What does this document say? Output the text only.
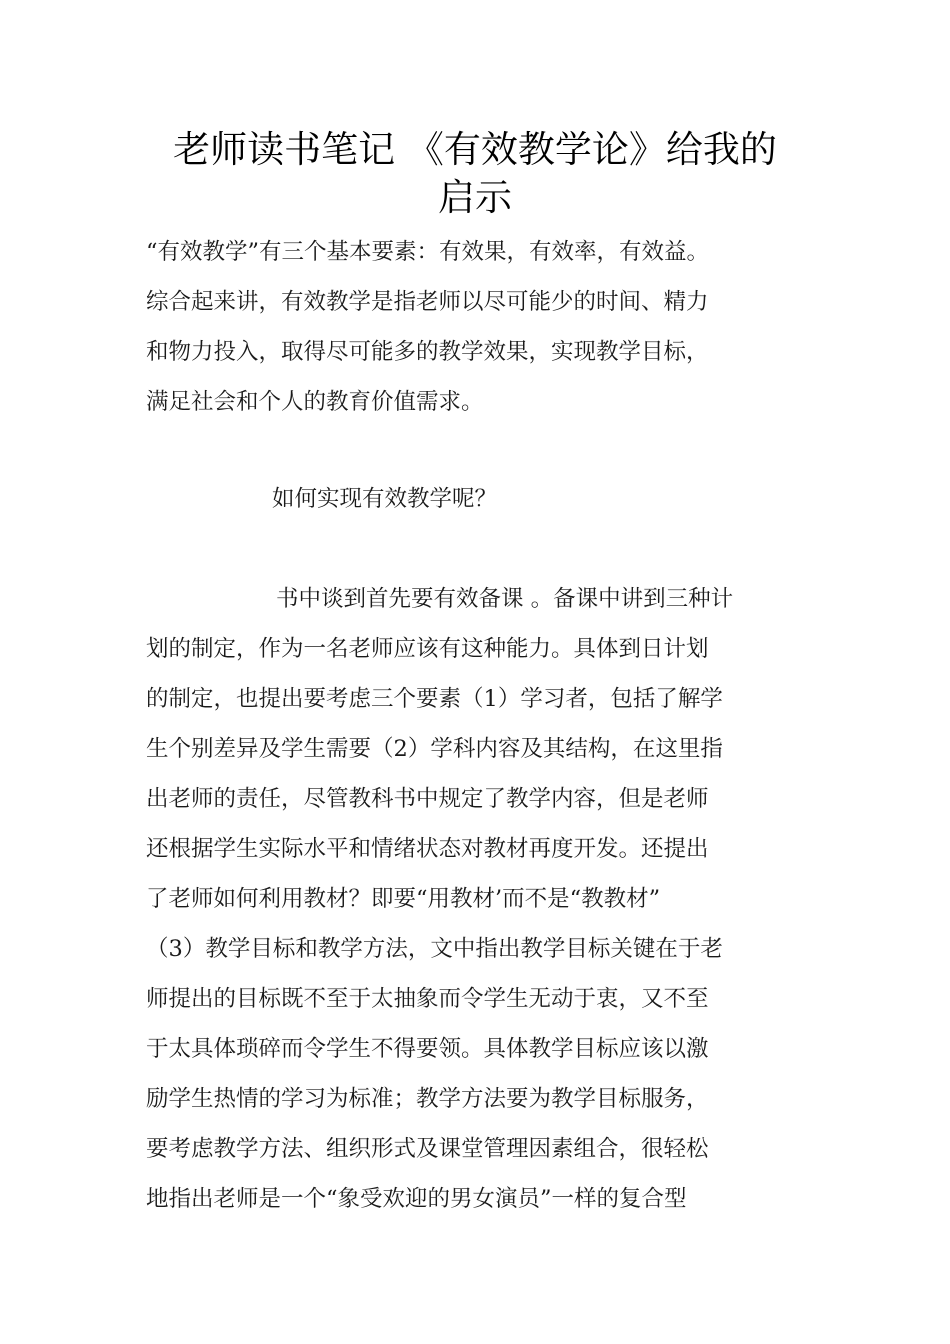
老师读书笔记 《有效教学论》给我的
启示
“有效教学”有三个基本要素：有效果，有效率，有效益。
综合起来讲，有效教学是指老师以尽可能少的时间、精力
和物力投入，取得尽可能多的教学效果，实现教学目标，
满足社会和个人的教育价值需求。
如何实现有效教学呢？
书中谈到首先要有效备课 。备课中讲到三种计
划的制定，作为一名老师应该有这种能力。具体到日计划
的制定，也提出要考虑三个要素（1）学习者，包括了解学
生个别差异及学生需要（2）学科内容及其结构，在这里指
出老师的责任，尽管教科书中规定了教学内容，但是老师
还根据学生实际水平和情绪状态对教材再度开发。还提出
了老师如何利用教材？即要“用教材’而不是“教教材”
（3）教学目标和教学方法，文中指出教学目标关键在于老
师提出的目标既不至于太抽象而令学生无动于衷，又不至
于太具体琐碎而令学生不得要领。具体教学目标应该以激
励学生热情的学习为标准；教学方法要为教学目标服务，
要考虑教学方法、组织形式及课堂管理因素组合，很轻松
地指出老师是一个“象受欢迎的男女演员”一样的复合型
